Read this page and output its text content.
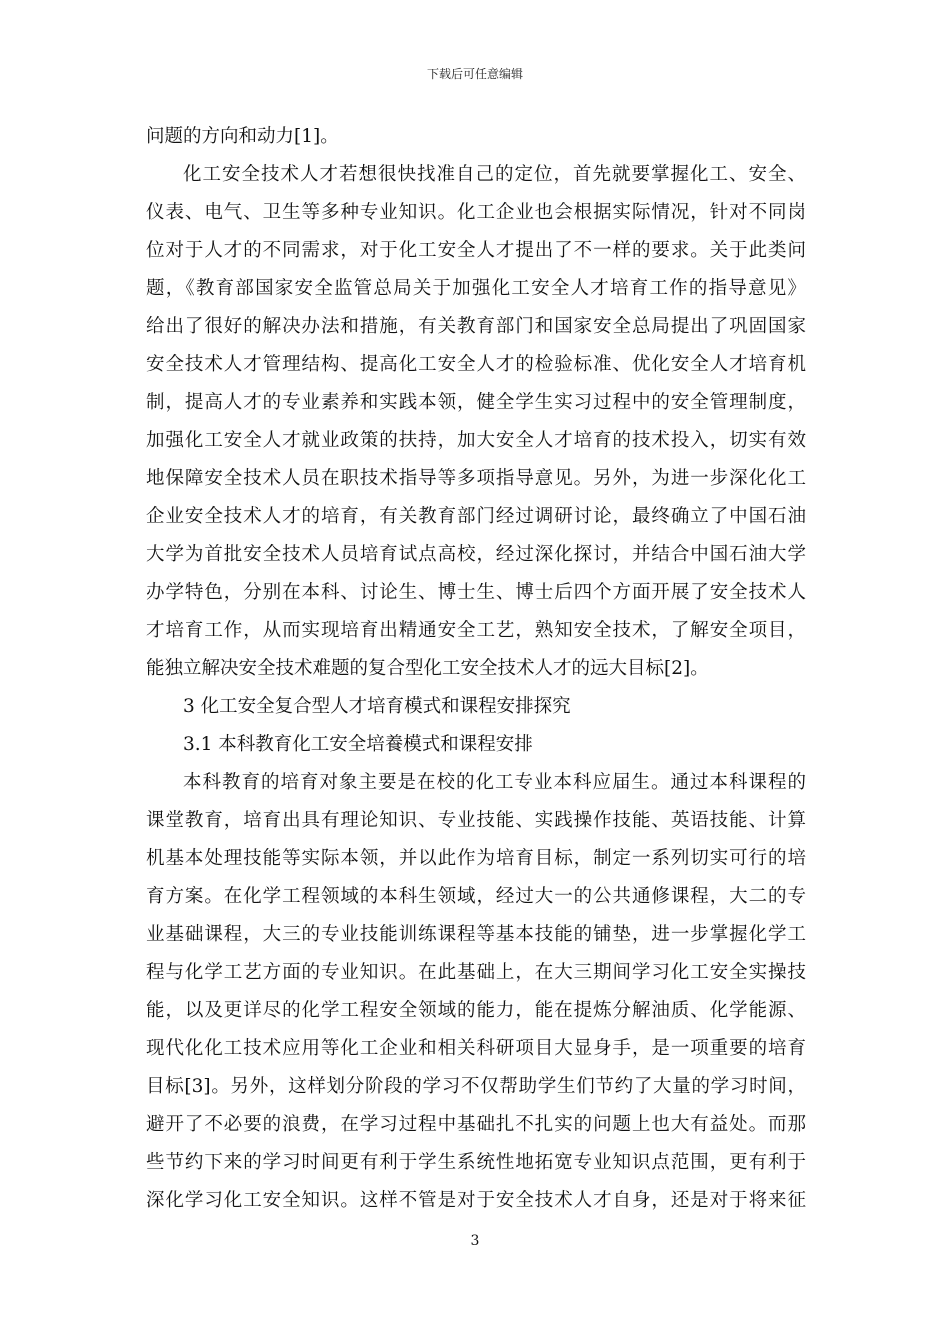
下载后可任意编辑
问题的方向和动力[1]。
化工安全技术人才若想很快找准自己的定位，首先就要掌握化工、安全、
仪表、电气、卫生等多种专业知识。化工企业也会根据实际情况，针对不同岗
位对于人才的不同需求，对于化工安全人才提出了不一样的要求。关于此类问
题，《教育部国家安全监管总局关于加强化工安全人才培育工作的指导意见》
给出了很好的解决办法和措施，有关教育部门和国家安全总局提出了巩固国家
安全技术人才管理结构、提高化工安全人才的检验标准、优化安全人才培育机
制，提高人才的专业素养和实践本领，健全学生实习过程中的安全管理制度，
加强化工安全人才就业政策的扶持，加大安全人才培育的技术投入，切实有效
地保障安全技术人员在职技术指导等多项指导意见。另外，为进一步深化化工
企业安全技术人才的培育，有关教育部门经过调研讨论，最终确立了中国石油
大学为首批安全技术人员培育试点高校，经过深化探讨，并结合中国石油大学
办学特色，分别在本科、讨论生、博士生、博士后四个方面开展了安全技术人
才培育工作，从而实现培育出精通安全工艺，熟知安全技术，了解安全项目，
能独立解决安全技术难题的复合型化工安全技术人才的远大目标[2]。
3 化工安全复合型人才培育模式和课程安排探究
3.1 本科教育化工安全培養模式和课程安排
本科教育的培育对象主要是在校的化工专业本科应届生。通过本科课程的
课堂教育，培育出具有理论知识、专业技能、实践操作技能、英语技能、计算
机基本处理技能等实际本领，并以此作为培育目标，制定一系列切实可行的培
育方案。在化学工程领域的本科生领域，经过大一的公共通修课程，大二的专
业基础课程，大三的专业技能训练课程等基本技能的铺垫，进一步掌握化学工
程与化学工艺方面的专业知识。在此基础上，在大三期间学习化工安全实操技
能，以及更详尽的化学工程安全领域的能力，能在提炼分解油质、化学能源、
现代化化工技术应用等化工企业和相关科研项目大显身手，是一项重要的培育
目标[3]。另外，这样划分阶段的学习不仅帮助学生们节约了大量的学习时间，
避开了不必要的浪费，在学习过程中基础扎不扎实的问题上也大有益处。而那
些节约下来的学习时间更有利于学生系统性地拓宽专业知识点范围，更有利于
深化学习化工安全知识。这样不管是对于安全技术人才自身，还是对于将来征
3
